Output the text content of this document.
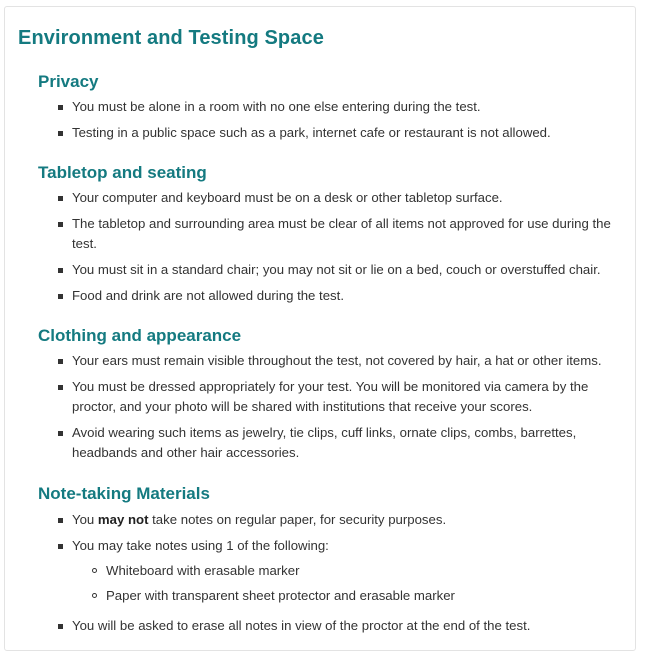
Environment and Testing Space
Privacy
You must be alone in a room with no one else entering during the test.
Testing in a public space such as a park, internet cafe or restaurant is not allowed.
Tabletop and seating
Your computer and keyboard must be on a desk or other tabletop surface.
The tabletop and surrounding area must be clear of all items not approved for use during the test.
You must sit in a standard chair; you may not sit or lie on a bed, couch or overstuffed chair.
Food and drink are not allowed during the test.
Clothing and appearance
Your ears must remain visible throughout the test, not covered by hair, a hat or other items.
You must be dressed appropriately for your test. You will be monitored via camera by the proctor, and your photo will be shared with institutions that receive your scores.
Avoid wearing such items as jewelry, tie clips, cuff links, ornate clips, combs, barrettes, headbands and other hair accessories.
Note-taking Materials
You may not take notes on regular paper, for security purposes.
You may take notes using 1 of the following:
Whiteboard with erasable marker
Paper with transparent sheet protector and erasable marker
You will be asked to erase all notes in view of the proctor at the end of the test.
